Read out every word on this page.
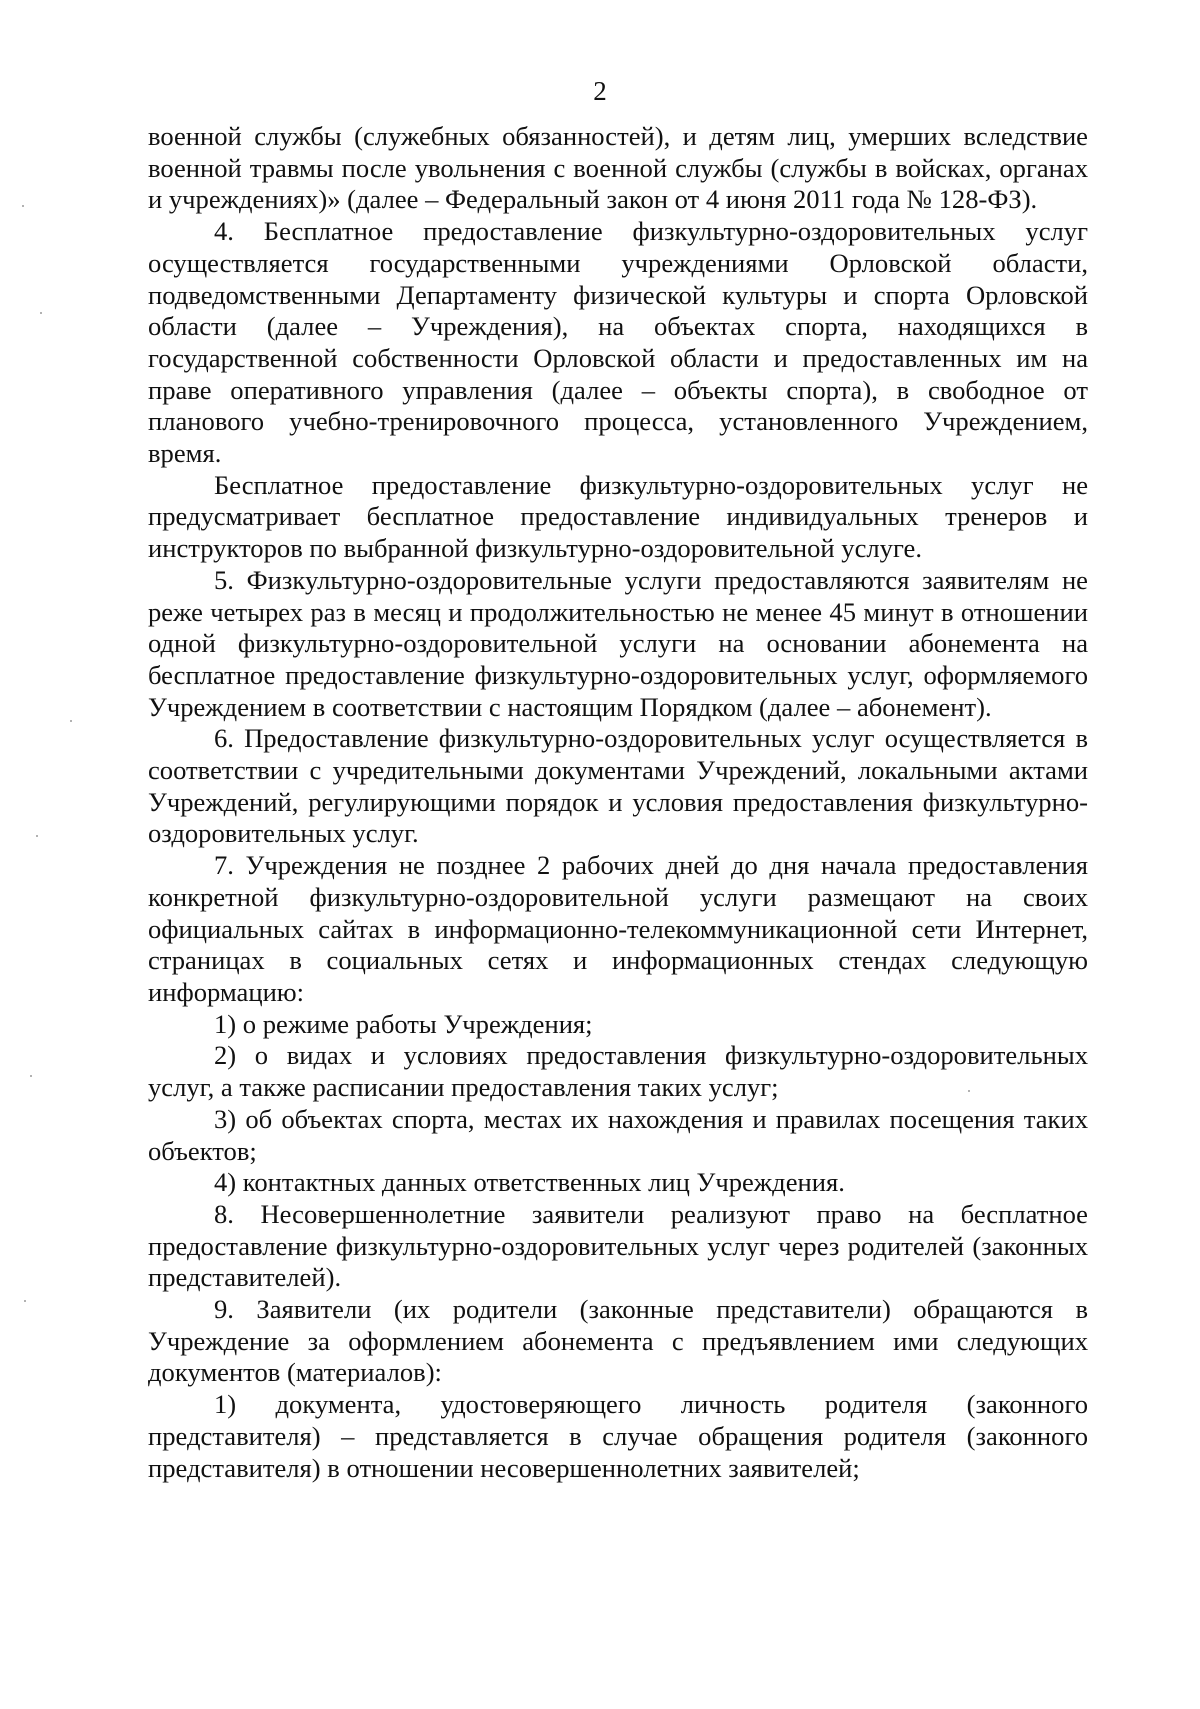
2

военной службы (служебных обязанностей), и детям лиц, умерших вследствие военной травмы после увольнения с военной службы (службы в войсках, органах и учреждениях)» (далее – Федеральный закон от 4 июня 2011 года № 128-ФЗ).

4. Бесплатное предоставление физкультурно-оздоровительных услуг осуществляется государственными учреждениями Орловской области, подведомственными Департаменту физической культуры и спорта Орловской области (далее – Учреждения), на объектах спорта, находящихся в государственной собственности Орловской области и предоставленных им на праве оперативного управления (далее – объекты спорта), в свободное от планового учебно-тренировочного процесса, установленного Учреждением, время.

Бесплатное предоставление физкультурно-оздоровительных услуг не предусматривает бесплатное предоставление индивидуальных тренеров и инструкторов по выбранной физкультурно-оздоровительной услуге.

5. Физкультурно-оздоровительные услуги предоставляются заявителям не реже четырех раз в месяц и продолжительностью не менее 45 минут в отношении одной физкультурно-оздоровительной услуги на основании абонемента на бесплатное предоставление физкультурно-оздоровительных услуг, оформляемого Учреждением в соответствии с настоящим Порядком (далее – абонемент).

6. Предоставление физкультурно-оздоровительных услуг осуществляется в соответствии с учредительными документами Учреждений, локальными актами Учреждений, регулирующими порядок и условия предоставления физкультурно-оздоровительных услуг.

7. Учреждения не позднее 2 рабочих дней до дня начала предоставления конкретной физкультурно-оздоровительной услуги размещают на своих официальных сайтах в информационно-телекоммуникационной сети Интернет, страницах в социальных сетях и информационных стендах следующую информацию:

1) о режиме работы Учреждения;

2) о видах и условиях предоставления физкультурно-оздоровительных услуг, а также расписании предоставления таких услуг;

3) об объектах спорта, местах их нахождения и правилах посещения таких объектов;

4) контактных данных ответственных лиц Учреждения.

8. Несовершеннолетние заявители реализуют право на бесплатное предоставление физкультурно-оздоровительных услуг через родителей (законных представителей).

9. Заявители (их родители (законные представители) обращаются в Учреждение за оформлением абонемента с предъявлением ими следующих документов (материалов):

1) документа, удостоверяющего личность родителя (законного представителя) – представляется в случае обращения родителя (законного представителя) в отношении несовершеннолетних заявителей;
